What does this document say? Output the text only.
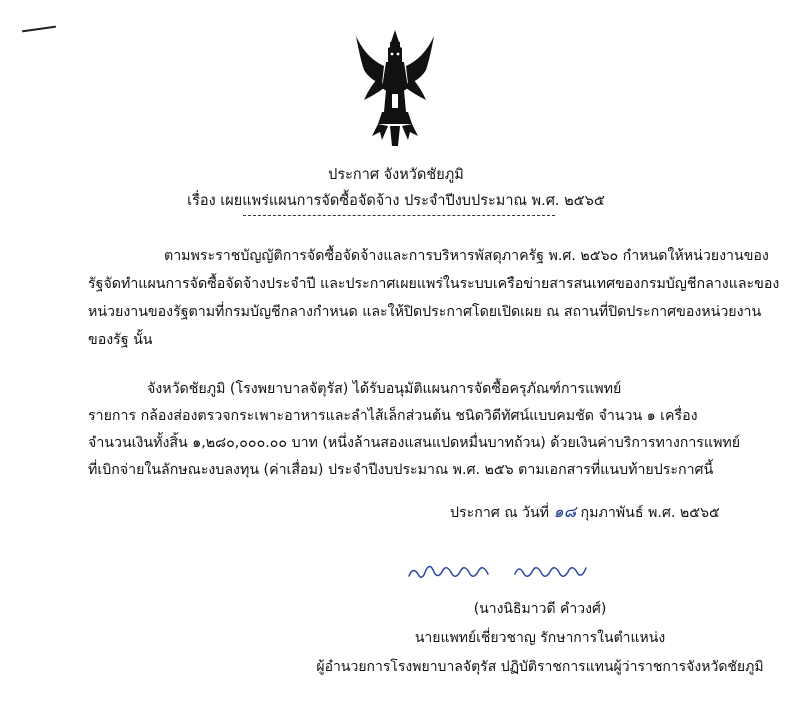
ประกาศ จังหวัดชัยภูมิ
เรื่อง เผยแพร่แผนการจัดซื้อจัดจ้าง ประจำปีงบประมาณ พ.ศ. ๒๕๖๕
ตามพระราชบัญญัติการจัดซื้อจัดจ้างและการบริหารพัสดุภาครัฐ พ.ศ. ๒๕๖๐ กำหนดให้หน่วยงานของ
รัฐจัดทำแผนการจัดซื้อจัดจ้างประจำปี และประกาศเผยแพร่ในระบบเครือข่ายสารสนเทศของกรมบัญชีกลางและของ
หน่วยงานของรัฐตามที่กรมบัญชีกลางกำหนด และให้ปิดประกาศโดยเปิดเผย ณ สถานที่ปิดประกาศของหน่วยงาน
ของรัฐ นั้น
จังหวัดชัยภูมิ (โรงพยาบาลจัตุรัส) ได้รับอนุมัติแผนการจัดซื้อครุภัณฑ์การแพทย์
รายการ กล้องส่องตรวจกระเพาะอาหารและลำไส้เล็กส่วนต้น ชนิดวิดีทัศน์แบบคมชัด จำนวน ๑ เครื่อง
จำนวนเงินทั้งสิ้น ๑,๒๘๐,๐๐๐.๐๐ บาท (หนึ่งล้านสองแสนแปดหมื่นบาทถ้วน) ด้วยเงินค่าบริการทางการแพทย์
ที่เบิกจ่ายในลักษณะงบลงทุน (ค่าเสื่อม) ประจำปีงบประมาณ พ.ศ. ๒๕๖ ตามเอกสารที่แนบท้ายประกาศนี้
ประกาศ ณ วันที่ ๑๘ กุมภาพันธ์ พ.ศ. ๒๕๖๕
(นางนิธิมาวดี คำวงศ์)
นายแพทย์เชี่ยวชาญ รักษาการในตำแหน่ง
ผู้อำนวยการโรงพยาบาลจัตุรัส ปฏิบัติราชการแทนผู้ว่าราชการจังหวัดชัยภูมิ
